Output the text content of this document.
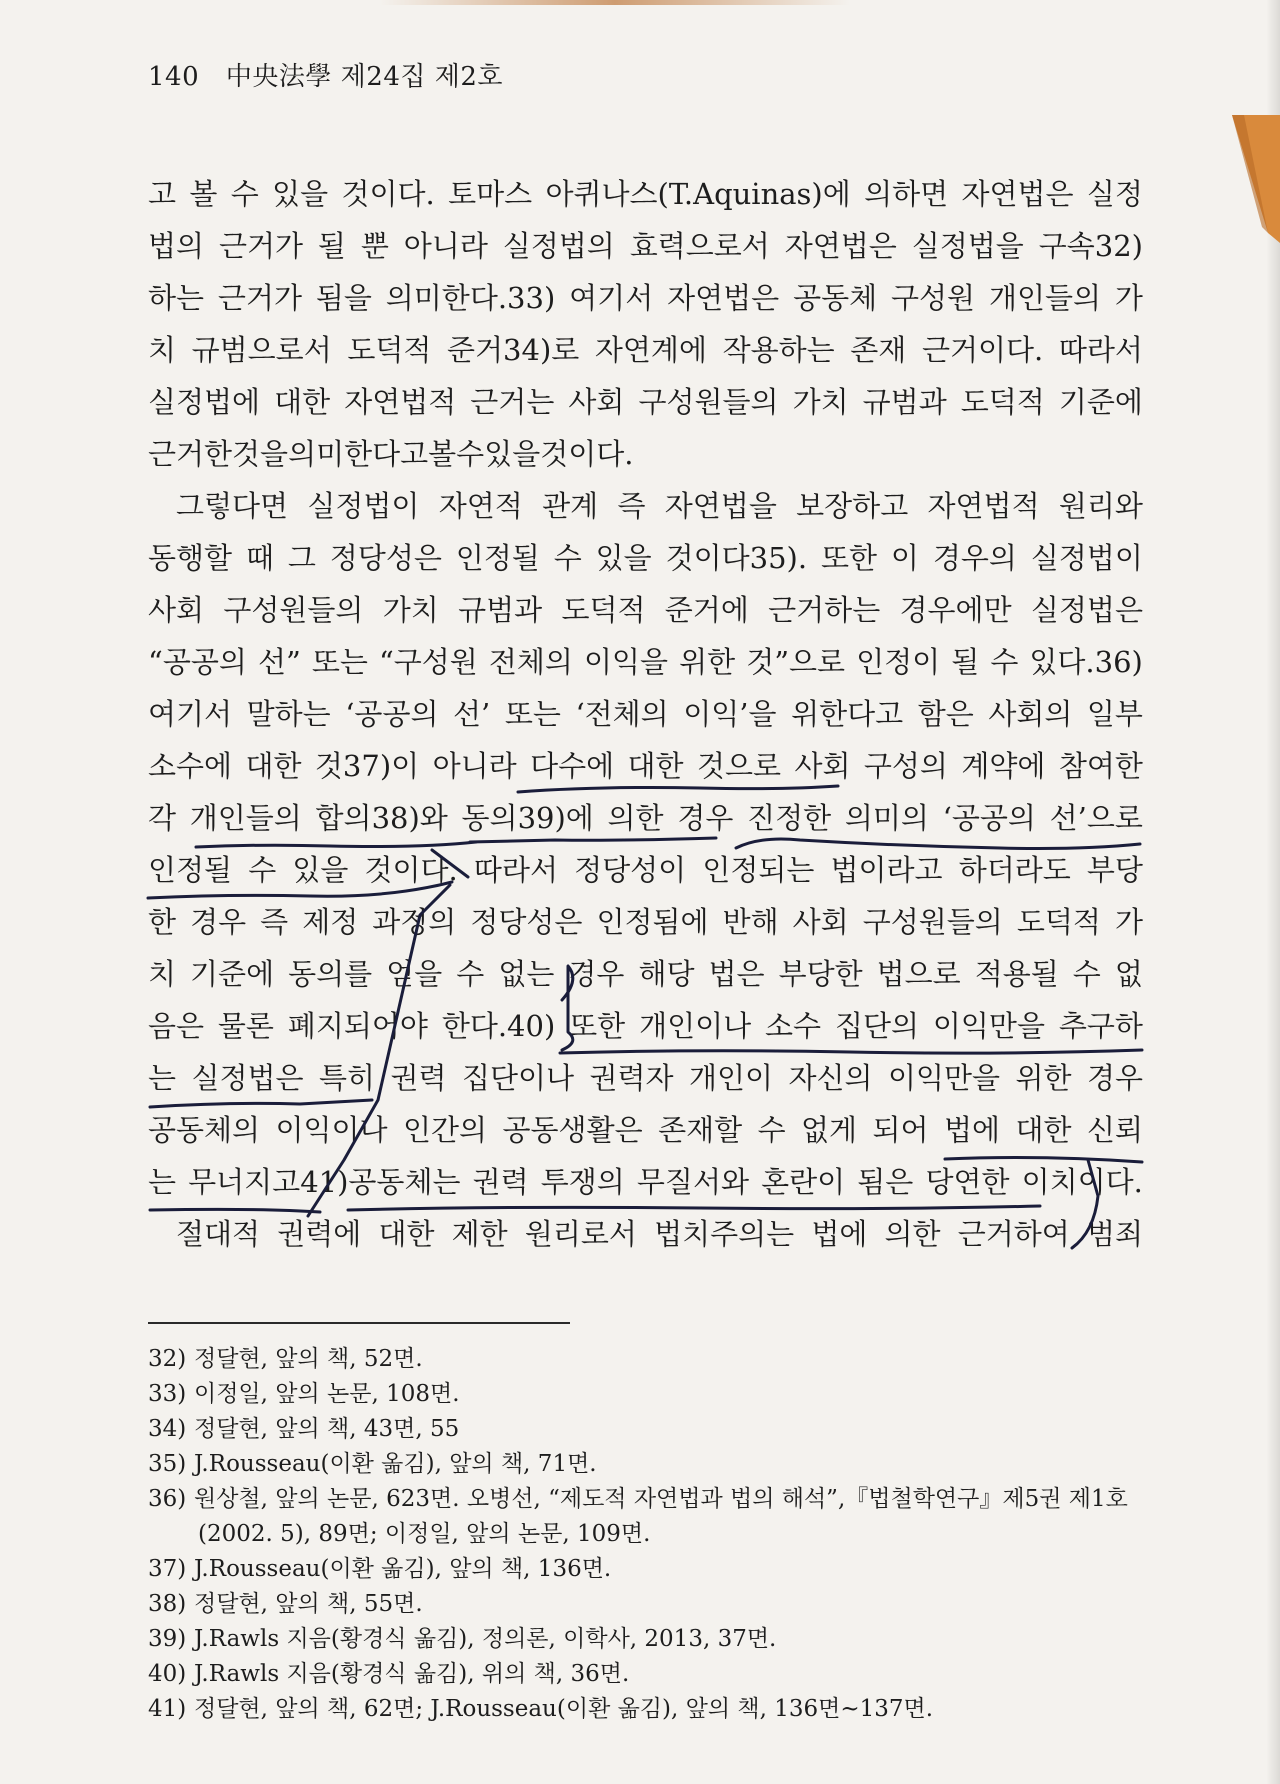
140 中央法學 제24집 제2호
고 볼 수 있을 것이다. 토마스 아퀴나스(T.Aquinas)에 의하면 자연법은 실정
법의 근거가 될 뿐 아니라 실정법의 효력으로서 자연법은 실정법을 구속32)
하는 근거가 됨을 의미한다.33) 여기서 자연법은 공동체 구성원 개인들의 가
치 규범으로서 도덕적 준거34)로 자연계에 작용하는 존재 근거이다. 따라서
실정법에 대한 자연법적 근거는 사회 구성원들의 가치 규범과 도덕적 기준에
근거한 것을 의미한다고 볼 수 있을 것이다.
그렇다면 실정법이 자연적 관계 즉 자연법을 보장하고 자연법적 원리와
동행할 때 그 정당성은 인정될 수 있을 것이다35). 또한 이 경우의 실정법이
사회 구성원들의 가치 규범과 도덕적 준거에 근거하는 경우에만 실정법은
“공공의 선” 또는 “구성원 전체의 이익을 위한 것”으로 인정이 될 수 있다.36)
여기서 말하는 ‘공공의 선’ 또는 ‘전체의 이익’을 위한다고 함은 사회의 일부
소수에 대한 것37)이 아니라 다수에 대한 것으로 사회 구성의 계약에 참여한
각 개인들의 합의38)와 동의39)에 의한 경우 진정한 의미의 ‘공공의 선’으로
인정될 수 있을 것이다. 따라서 정당성이 인정되는 법이라고 하더라도 부당
한 경우 즉 제정 과정의 정당성은 인정됨에 반해 사회 구성원들의 도덕적 가
치 기준에 동의를 얻을 수 없는 경우 해당 법은 부당한 법으로 적용될 수 없
음은 물론 폐지되어야 한다.40) 또한 개인이나 소수 집단의 이익만을 추구하
는 실정법은 특히 권력 집단이나 권력자 개인이 자신의 이익만을 위한 경우
공동체의 이익이나 인간의 공동생활은 존재할 수 없게 되어 법에 대한 신뢰
는 무너지고41)공동체는 권력 투쟁의 무질서와 혼란이 됨은 당연한 이치이다.
절대적 권력에 대한 제한 원리로서 법치주의는 법에 의한 근거하여 범죄
32) 정달현, 앞의 책, 52면.
33) 이정일, 앞의 논문, 108면.
34) 정달현, 앞의 책, 43면, 55
35) J.Rousseau(이환 옮김), 앞의 책, 71면.
36) 원상철, 앞의 논문, 623면. 오병선, “제도적 자연법과 법의 해석”,『법철학연구』제5권 제1호
(2002. 5), 89면; 이정일, 앞의 논문, 109면.
37) J.Rousseau(이환 옮김), 앞의 책, 136면.
38) 정달현, 앞의 책, 55면.
39) J.Rawls 지음(황경식 옮김), 정의론, 이학사, 2013, 37면.
40) J.Rawls 지음(황경식 옮김), 위의 책, 36면.
41) 정달현, 앞의 책, 62면; J.Rousseau(이환 옮김), 앞의 책, 136면~137면.
